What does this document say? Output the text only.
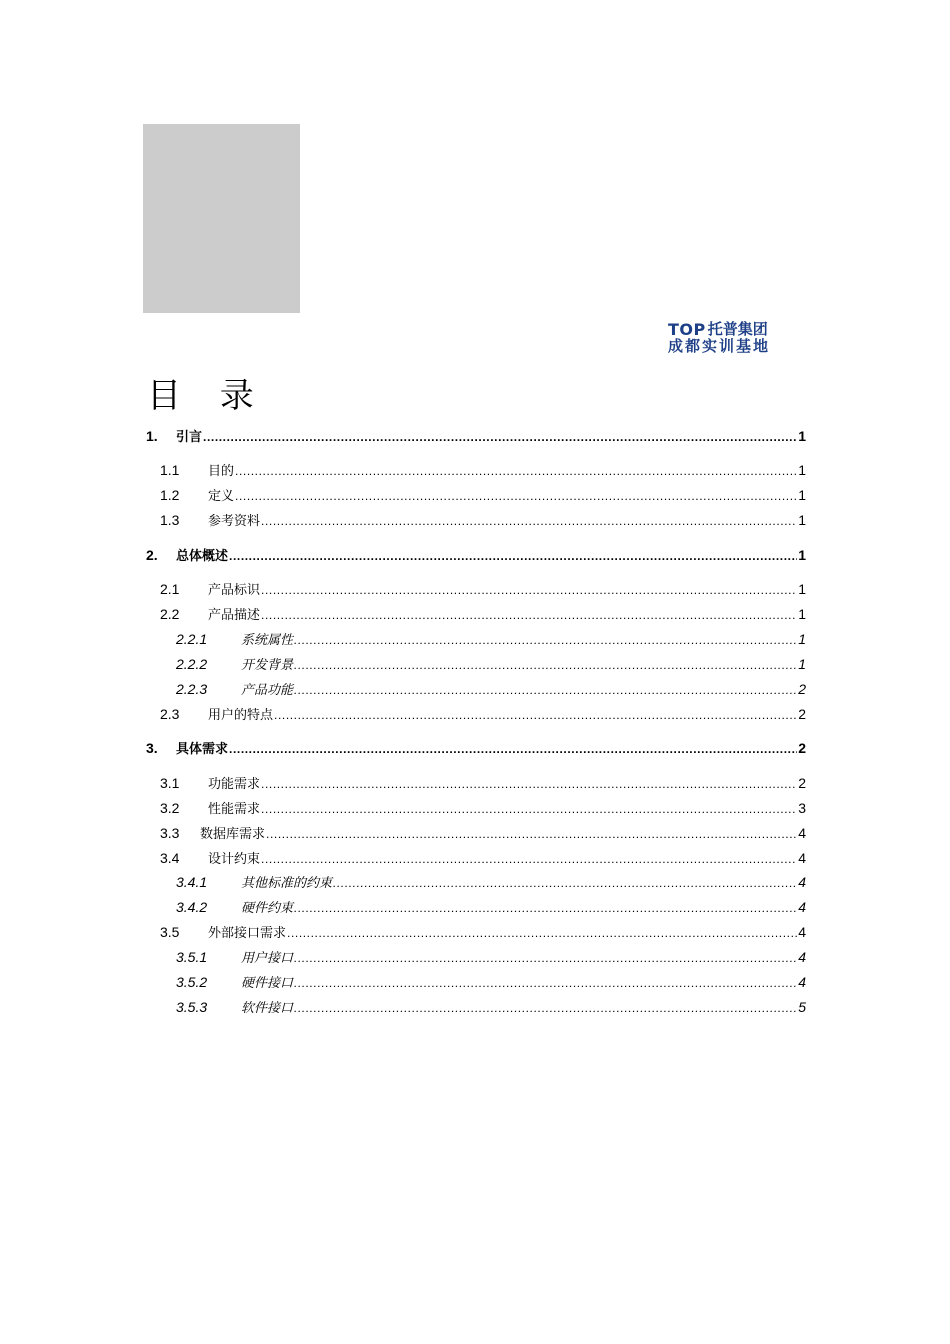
TOP 托普集团
成都实训基地
目 录
1.	引言 .....	1
1.1	目的 .....	1
1.2	定义 .....	1
1.3	参考资料 .....	1
2.	总体概述 .....	1
2.1	产品标识 .....	1
2.2	产品描述 .....	1
2.2.1	系统属性 .....	1
2.2.2	开发背景 .....	1
2.2.3	产品功能 .....	2
2.3	用户的特点 .....	2
3.	具体需求 .....	2
3.1	功能需求 .....	2
3.2	性能需求 .....	3
3.3	数据库需求 .....	4
3.4	设计约束 .....	4
3.4.1	其他标准的约束 .....	4
3.4.2	硬件约束 .....	4
3.5	外部接口需求 .....	4
3.5.1	用户接口 .....	4
3.5.2	硬件接口 .....	4
3.5.3	软件接口 .....	5
